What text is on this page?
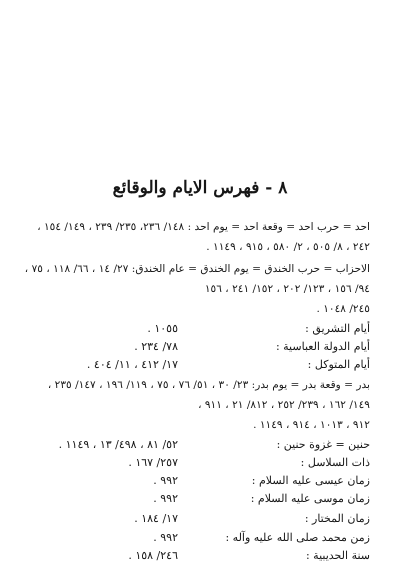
٨ - فهرس الايام والوقائع
احد = حرب احد = وقعة احد = يوم احد : ١٤٨/ ٢٣٦، ٢٣٥/ ٢٣٩ ، ١٤٩/ ١٥٤ ،
٢٤٢ ، ٨/ ٥٠٥ ، ٢/ ٥٨٠ ، ٩١٥ ، ١١٤٩ .
الاحزاب = حرب الخندق = يوم الخندق = عام الخندق: ٢٧/ ١٤ ، ٦٦/ ١١٨ ، ٧٥ ،
٩٤/ ١٥٦ ، ١٢٣/ ٢٠٢ ، ١٥٢/ ٢٤١ ، ١٥٦
٢٤٥/ ١٠٤٨ .
أيام التشريق :
١٠٥٥ .
أيام الدولة العباسية :
٧٨/ ٢٣٤ .
أيام المتوكل :
١٧/ ٤١٢ ، ١١/ ٤٠٤ .
بدر = وقعة بدر = يوم بدر: ٢٣/ ٣٠ ، ٥١/ ٧٦ ، ٧٥ ، ١١٩/ ١٩٦ ، ١٤٧/ ٢٣٥ ،
١٤٩/ ١٦٢ ، ٢٣٩/ ٢٥٢ ، ٨١٢/ ٢١ ، ٩١١ ،
٩١٢ ، ١٠١٣ ، ٩١٤ ، ١١٤٩ .
حنين = غزوة حنين :
٥٢/ ٨١ ، ٤٩٨/ ١٣ ، ١١٤٩ .
ذات السلاسل :
٢٥٧/ ١٦٧ .
زمان عيسى عليه السلام :
٩٩٢ .
زمان موسى عليه السلام :
٩٩٢ .
زمان المختار :
١٧/ ١٨٤ .
زمن محمد صلى الله عليه وآله :
٩٩٢ .
سنة الحديبية :
٢٤٦/ ١٥٨ .
